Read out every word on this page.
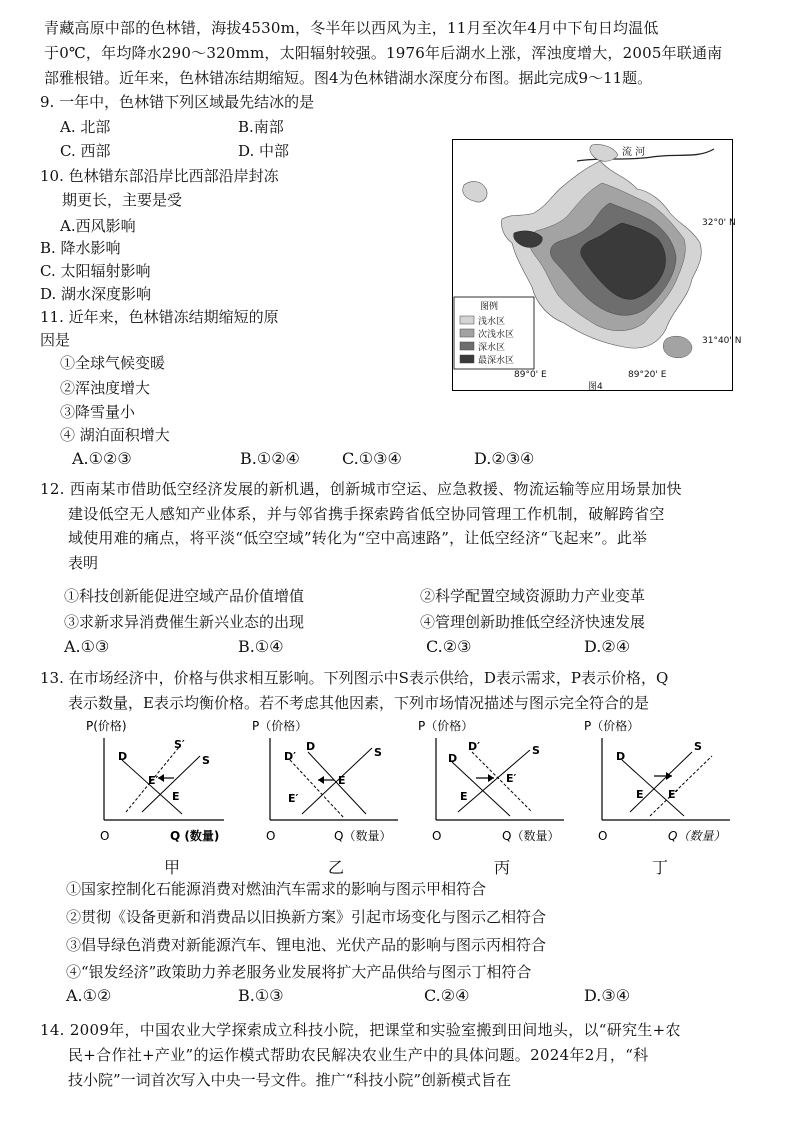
青藏高原中部的色林错，海拔4530m，冬半年以西风为主，11月至次年4月中下旬日均温低
于0℃，年均降水290～320mm，太阳辐射较强。1976年后湖水上涨，浑浊度增大，2005年联通南
部雅根错。近年来，色林错冻结期缩短。图4为色林错湖水深度分布图。据此完成9～11题。
9. 一年中，色林错下列区域最先结冰的是
A. 北部	B.南部
C. 西部	D. 中部
10. 色林错东部沿岸比西部沿岸封冻
期更长，主要是受
A.西风影响
B. 降水影响
C. 太阳辐射影响
D. 湖水深度影响
11. 近年来，色林错冻结期缩短的原
因是
①全球气候变暖
②浑浊度增大
③降雪量小
④ 湖泊面积增大
A.①②③	B.①②④	C.①③④	D.②③④
32°0' N
31°40' N
89°0' E	89°20' E
图4
流 河
图例
浅水区
次浅水区
深水区
最深水区
12. 西南某市借助低空经济发展的新机遇，创新城市空运、应急救援、物流运输等应用场景加快
建设低空无人感知产业体系，并与邻省携手探索跨省低空协同管理工作机制，破解跨省空
域使用难的痛点，将平淡“低空空域”转化为“空中高速路”，让低空经济“飞起来”。此举
表明
①科技创新能促进空域产品价值增值	②科学配置空域资源助力产业变革
③求新求异消费催生新兴业态的出现	④管理创新助推低空经济快速发展
A.①③	B.①④	C.②③	D.②④
13. 在市场经济中，价格与供求相互影响。下列图示中S表示供给，D表示需求，P表示价格，Q
表示数量，E表示均衡价格。若不考虑其他因素，下列市场情况描述与图示完全符合的是
P(价格)
O	Q (数量)
D	S
S′
E′
E
甲
P（价格）
O	Q（数量）
D′
D	S
E
E′
乙
P（价格）
O	Q（数量）
D
D′	S
E′
E
丙
P（价格）
O	Q（数量）
D
S
E E′
丁
①国家控制化石能源消费对燃油汽车需求的影响与图示甲相符合
②贯彻《设备更新和消费品以旧换新方案》引起市场变化与图示乙相符合
③倡导绿色消费对新能源汽车、锂电池、光伏产品的影响与图示丙相符合
④“银发经济”政策助力养老服务业发展将扩大产品供给与图示丁相符合
A.①②	B.①③	C.②④	D.③④
14. 2009年，中国农业大学探索成立科技小院，把课堂和实验室搬到田间地头，以“研究生+农
民+合作社+产业”的运作模式帮助农民解决农业生产中的具体问题。2024年2月，“科
技小院”一词首次写入中央一号文件。推广“科技小院”创新模式旨在
